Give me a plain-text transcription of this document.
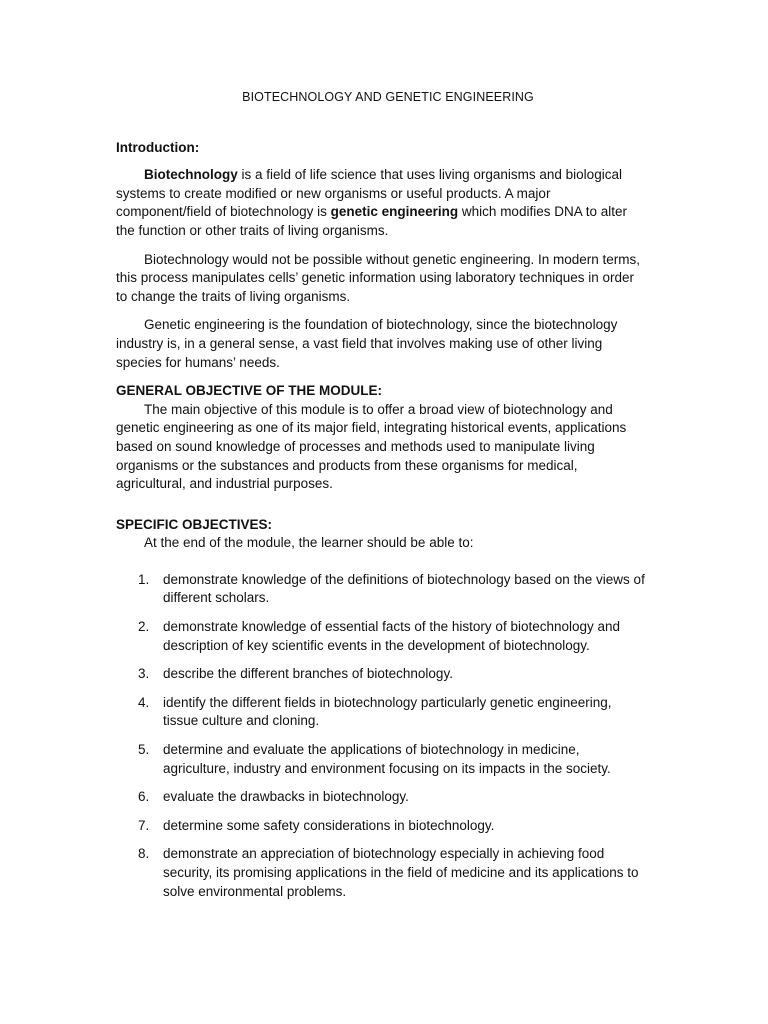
BIOTECHNOLOGY AND GENETIC ENGINEERING
Introduction:

Biotechnology is a field of life science that uses living organisms and biological systems to create modified or new organisms or useful products. A major component/field of biotechnology is genetic engineering which modifies DNA to alter the function or other traits of living organisms.

Biotechnology would not be possible without genetic engineering. In modern terms, this process manipulates cells’ genetic information using laboratory techniques in order to change the traits of living organisms.

Genetic engineering is the foundation of biotechnology, since the biotechnology industry is, in a general sense, a vast field that involves making use of other living species for humans’ needs.

GENERAL OBJECTIVE OF THE MODULE:

The main objective of this module is to offer a broad view of biotechnology and genetic engineering as one of its major field, integrating historical events, applications based on sound knowledge of processes and methods used to manipulate living organisms or the substances and products from these organisms for medical, agricultural, and industrial purposes.

SPECIFIC OBJECTIVES:

At the end of the module, the learner should be able to:

1. demonstrate knowledge of the definitions of biotechnology based on the views of different scholars.
2. demonstrate knowledge of essential facts of the history of biotechnology and description of key scientific events in the development of biotechnology.
3. describe the different branches of biotechnology.
4. identify the different fields in biotechnology particularly genetic engineering, tissue culture and cloning.
5. determine and evaluate the applications of biotechnology in medicine, agriculture, industry and environment focusing on its impacts in the society.
6. evaluate the drawbacks in biotechnology.
7. determine some safety considerations in biotechnology.
8. demonstrate an appreciation of biotechnology especially in achieving food security, its promising applications in the field of medicine and its applications to solve environmental problems.
